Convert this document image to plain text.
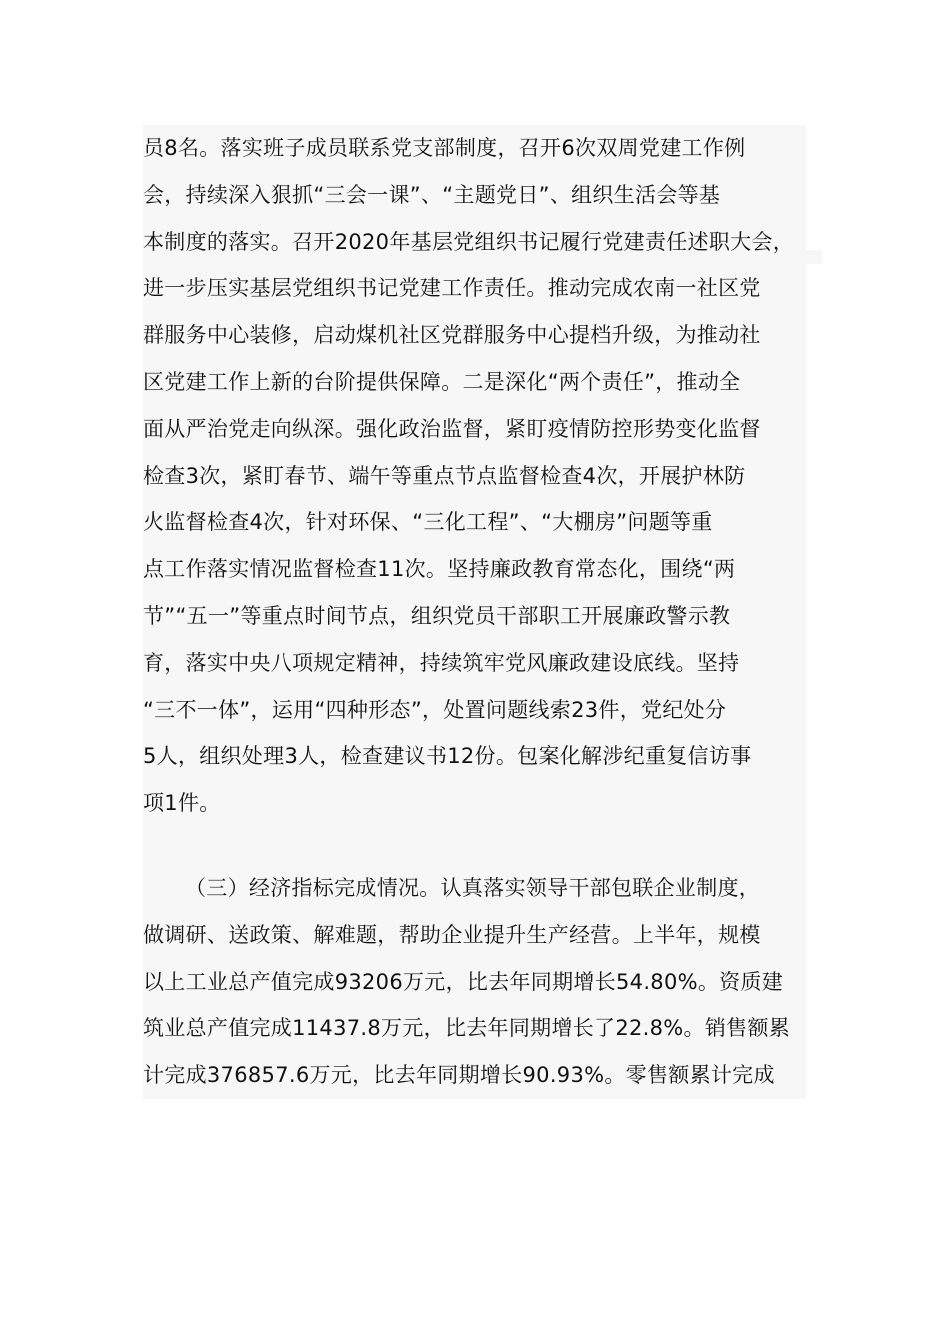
员8名。落实班子成员联系党支部制度，召开6次双周党建工作例
会，持续深入狠抓“三会一课”、“主题党日”、组织生活会等基
本制度的落实。召开2020年基层党组织书记履行党建责任述职大会，
进一步压实基层党组织书记党建工作责任。推动完成农南一社区党
群服务中心装修，启动煤机社区党群服务中心提档升级，为推动社
区党建工作上新的台阶提供保障。二是深化“两个责任”，推动全
面从严治党走向纵深。强化政治监督，紧盯疫情防控形势变化监督
检查3次，紧盯春节、端午等重点节点监督检查4次，开展护林防
火监督检查4次，针对环保、“三化工程”、“大棚房”问题等重
点工作落实情况监督检查11次。坚持廉政教育常态化，围绕“两
节”“五一”等重点时间节点，组织党员干部职工开展廉政警示教
育，落实中央八项规定精神，持续筑牢党风廉政建设底线。坚持
“三不一体”，运用“四种形态”，处置问题线索23件，党纪处分
5人，组织处理3人，检查建议书12份。包案化解涉纪重复信访事
项1件。
（三）经济指标完成情况。认真落实领导干部包联企业制度，
做调研、送政策、解难题，帮助企业提升生产经营。上半年，规模
以上工业总产值完成93206万元，比去年同期增长54.80%。资质建
筑业总产值完成11437.8万元，比去年同期增长了22.8%。销售额累
计完成376857.6万元，比去年同期增长90.93%。零售额累计完成
